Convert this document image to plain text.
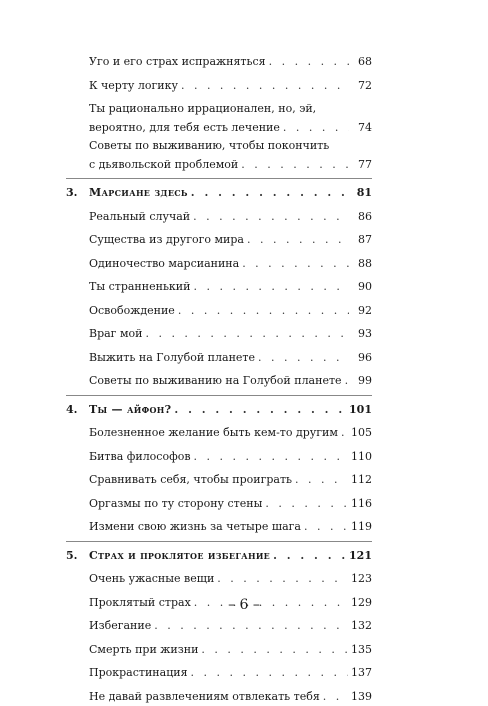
Уго и его страх испражняться . . .	68
К черту логику . . .	72
Ты рационально иррационален, но, эй,
вероятно, для тебя есть лечение . . .	74
Советы по выживанию, чтобы покончить
с дьявольской проблемой . . .	77
3.	Марсиане здесь . . .	81
Реальный случай . . .	86
Существа из другого мира . . .	87
Одиночество марсианина . . .	88
Ты странненький . . .	90
Освобождение . . .	92
Враг мой . . .	93
Выжить на Голубой планете . . .	96
Советы по выживанию на Голубой планете . . .	99
4.	Ты — айфон? . . .	101
Болезненное желание быть кем-то другим . . . 105
Битва философов . . .	110
Сравнивать себя, чтобы проиграть . . .	112
Оргазмы по ту сторону стены . . .	116
Измени свою жизнь за четыре шага . . .	119
5.	Страх и проклятое избегание . . .	121
Очень ужасные вещи . . .	123
Проклятый страх . . .	129
Избегание . . .	132
Смерть при жизни . . .	135
Прокрастинация . . .	137
Не давай развлечениям отвлекать тебя . . .	139
– 6 –
